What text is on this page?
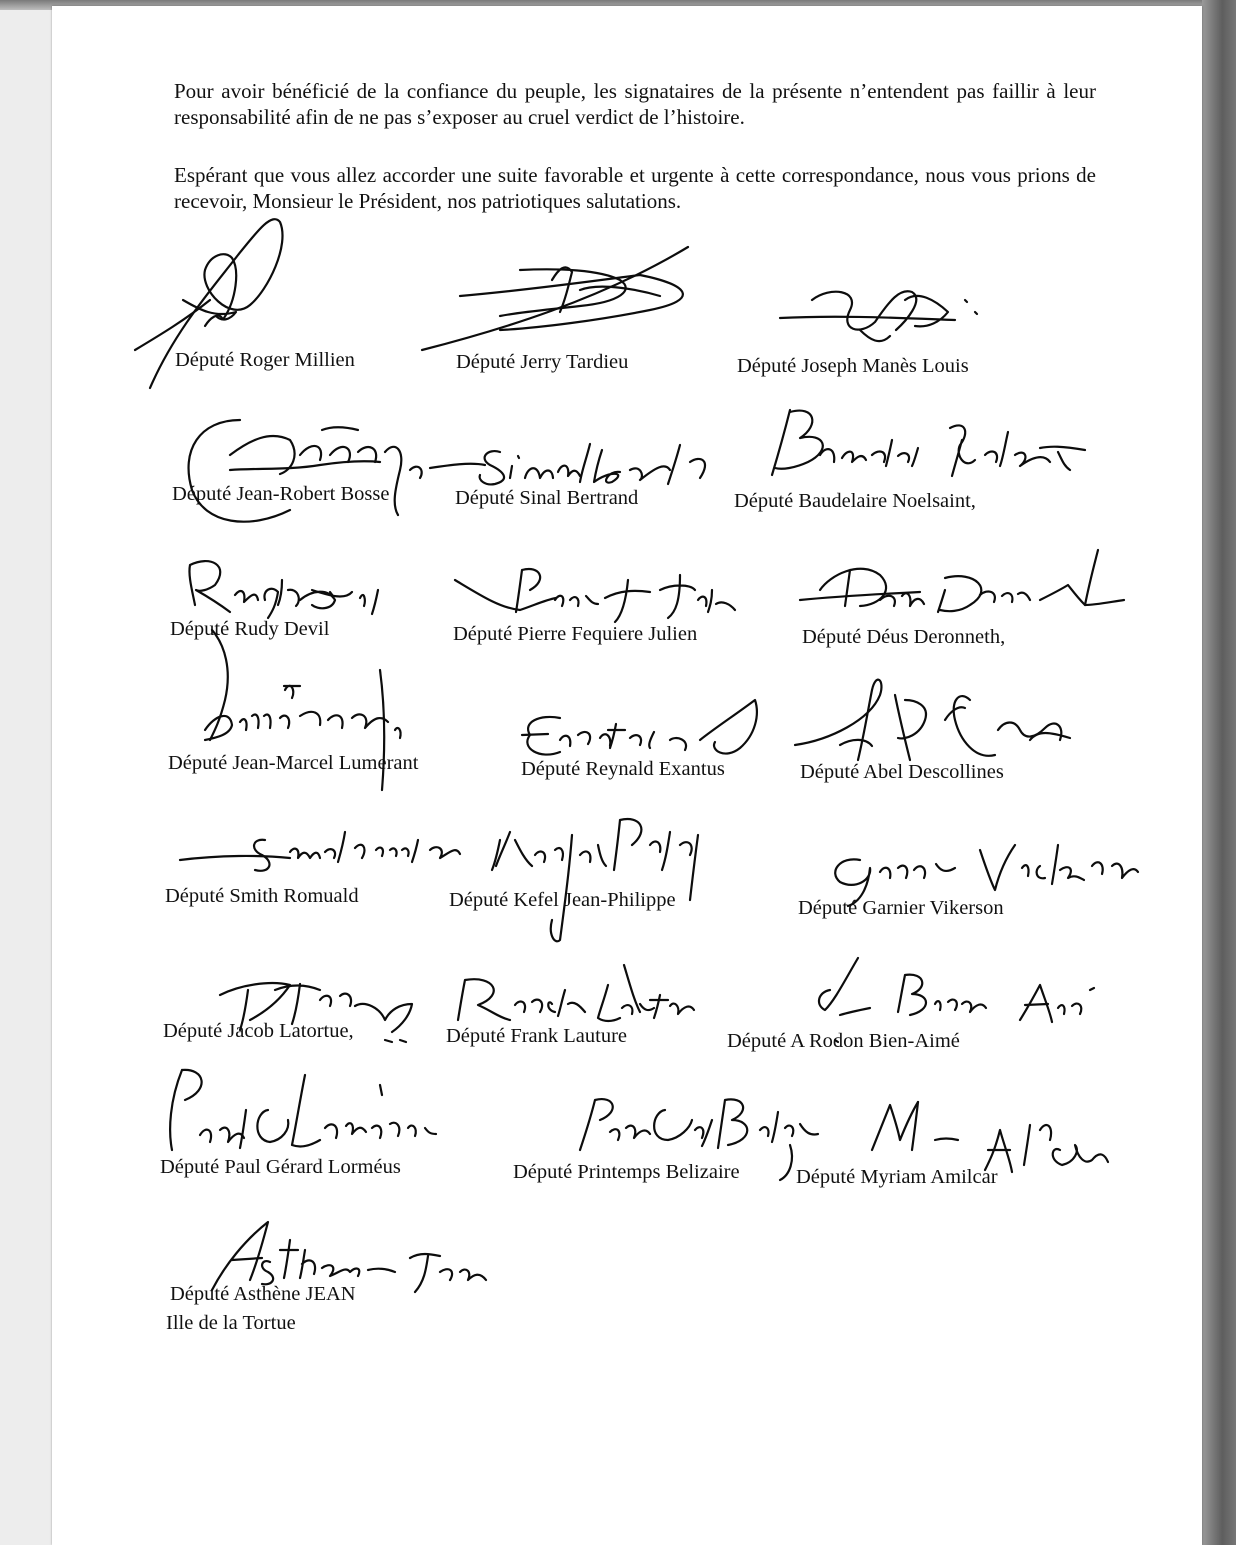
Pour avoir bénéficié de la confiance du peuple, les signataires de la présente n’entendent pas faillir à leur responsabilité afin de ne pas s’exposer au cruel verdict de l’histoire.

Espérant que vous allez accorder une suite favorable et urgente à cette correspondance, nous vous prions de recevoir, Monsieur le Président, nos patriotiques salutations.

Député Roger Millien	Député Jerry Tardieu	Député Joseph Manès Louis
Député Jean-Robert Bosse	Député Sinal Bertrand	Député Baudelaire Noelsaint,
Député Rudy Devil	Député Pierre Fequiere Julien	Député Déus Deronneth,
Député Jean-Marcel Lumerant	Député Reynald Exantus	Député Abel Descollines
Député Smith Romuald	Député Kefel Jean-Philippe	Député Garnier Vikerson
Député Jacob Latortue,	Député Frank Lauture	Député A Rodon Bien-Aimé
Député Paul Gérard Lorméus	Député Printemps Belizaire	Député Myriam Amilcar
Député Asthène JEAN
Ille de la Tortue
